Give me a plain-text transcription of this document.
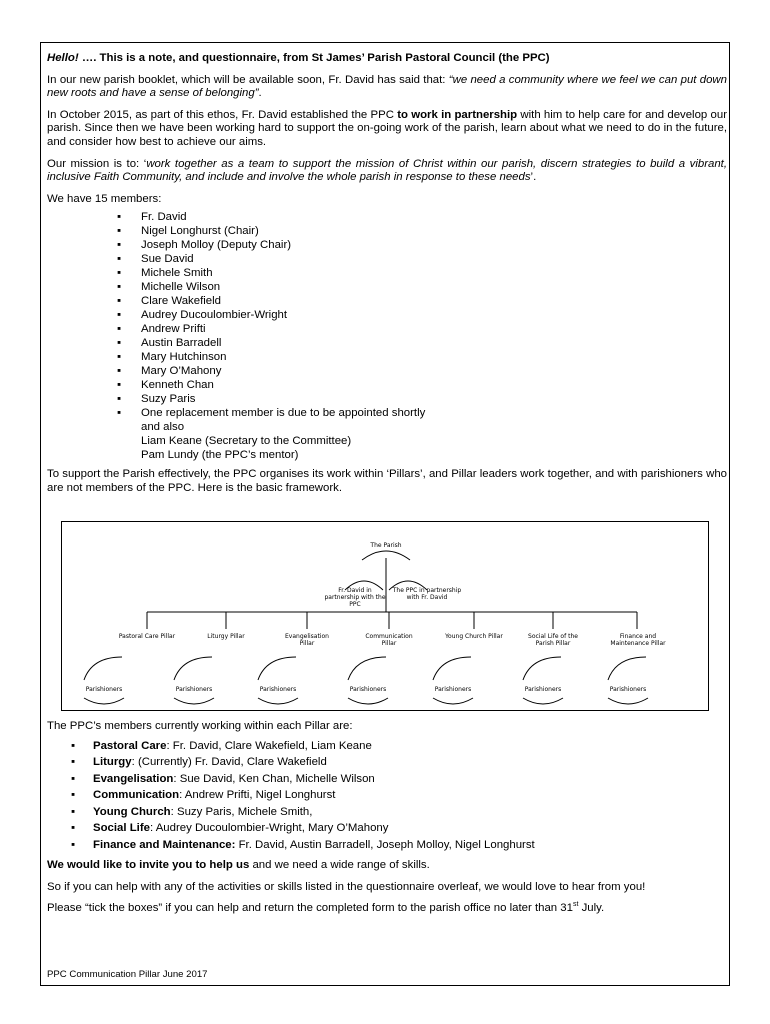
Hello! …. This is a note, and questionnaire, from St James’ Parish Pastoral Council (the PPC)

In our new parish booklet, which will be available soon, Fr. David has said that: “we need a community where we feel we can put down new roots and have a sense of belonging”.

In October 2015, as part of this ethos, Fr. David established the PPC to work in partnership with him to help care for and develop our parish. Since then we have been working hard to support the on-going work of the parish, learn about what we need to do in the future, and consider how best to achieve our aims.

Our mission is to: ‘work together as a team to support the mission of Christ within our parish, discern strategies to build a vibrant, inclusive Faith Community, and include and involve the whole parish in response to these needs’.

We have 15 members:

▪ Fr. David
▪ Nigel Longhurst (Chair)
▪ Joseph Molloy (Deputy Chair)
▪ Sue David
▪ Michele Smith
▪ Michelle Wilson
▪ Clare Wakefield
▪ Audrey Ducoulombier-Wright
▪ Andrew Prifti
▪ Austin Barradell
▪ Mary Hutchinson
▪ Mary O’Mahony
▪ Kenneth Chan
▪ Suzy Paris
▪ One replacement member is due to be appointed shortly
and also
Liam Keane (Secretary to the Committee)
Pam Lundy (the PPC’s mentor)

To support the Parish effectively, the PPC organises its work within ‘Pillars’, and Pillar leaders work together, and with parishioners who are not members of the PPC. Here is the basic framework.

The Parish
Fr. David in partnership with the PPC
The PPC in partnership with Fr. David
Pastoral Care Pillar	Liturgy Pillar	Evangelisation Pillar
Communication Pillar
Young Church Pillar	Social Life of the Parish Pillar
Finance and Maintenance Pillar
Parishioners	Parishioners	Parishioners	Parishioners	Parishioners	Parishioners	Parishioners

The PPC’s members currently working within each Pillar are:

▪ Pastoral Care: Fr. David, Clare Wakefield, Liam Keane
▪ Liturgy: (Currently) Fr. David, Clare Wakefield
▪ Evangelisation: Sue David, Ken Chan, Michelle Wilson
▪ Communication: Andrew Prifti, Nigel Longhurst
▪ Young Church: Suzy Paris, Michele Smith,
▪ Social Life: Audrey Ducoulombier-Wright, Mary O’Mahony
▪ Finance and Maintenance: Fr. David, Austin Barradell, Joseph Molloy, Nigel Longhurst

We would like to invite you to help us and we need a wide range of skills.

So if you can help with any of the activities or skills listed in the questionnaire overleaf, we would love to hear from you!

Please “tick the boxes” if you can help and return the completed form to the parish office no later than 31st July.

PPC Communication Pillar June 2017
